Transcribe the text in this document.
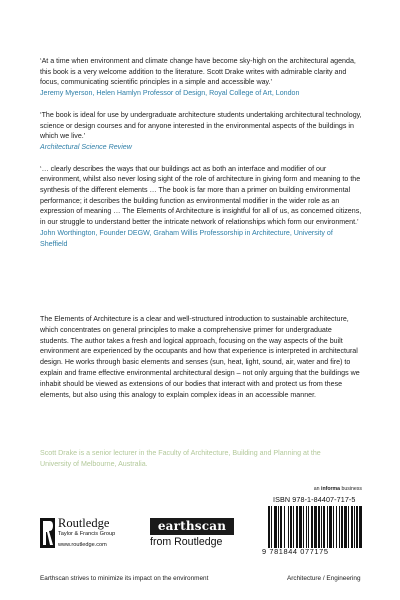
‘At a time when environment and climate change have become sky-high on the architectural agenda, this book is a very welcome addition to the literature. Scott Drake writes with admirable clarity and focus, communicating scientific principles in a simple and accessible way.’

Jeremy Myerson, Helen Hamlyn Professor of Design, Royal College of Art, London

‘The book is ideal for use by undergraduate architecture students undertaking architectural technology, science or design courses and for anyone interested in the environmental aspects of the buildings in which we live.’

Architectural Science Review

‘… clearly describes the ways that our buildings act as both an interface and modifier of our environment, whilst also never losing sight of the role of architecture in giving form and meaning to the synthesis of the different elements … The book is far more than a primer on building environmental performance; it describes the building function as environmental modifier in the wider role as an expression of meaning … The Elements of Architecture is insightful for all of us, as concerned citizens, in our struggle to understand better the intricate network of relationships which form our environment.’

John Worthington, Founder DEGW, Graham Willis Professorship in Architecture, University of Sheffield

The Elements of Architecture is a clear and well-structured introduction to sustainable architecture, which concentrates on general principles to make a comprehensive primer for undergraduate students. The author takes a fresh and logical approach, focusing on the way aspects of the built environment are experienced by the occupants and how that experience is interpreted in architectural design. He works through basic elements and senses (sun, heat, light, sound, air, water and fire) to explain and frame effective environmental architectural design – not only arguing that the buildings we inhabit should be viewed as extensions of our bodies that interact with and protect us from these elements, but also using this analogy to explain complex ideas in an accessible manner.

Scott Drake is a senior lecturer in the Faculty of Architecture, Building and Planning at the University of Melbourne, Australia.

an informa business
ISBN 978-1-84407-717-5
9 781844 077175
Routledge
Taylor & Francis Group
www.routledge.com
earthscan
from Routledge
Earthscan strives to minimize its impact on the environment	Architecture / Engineering
